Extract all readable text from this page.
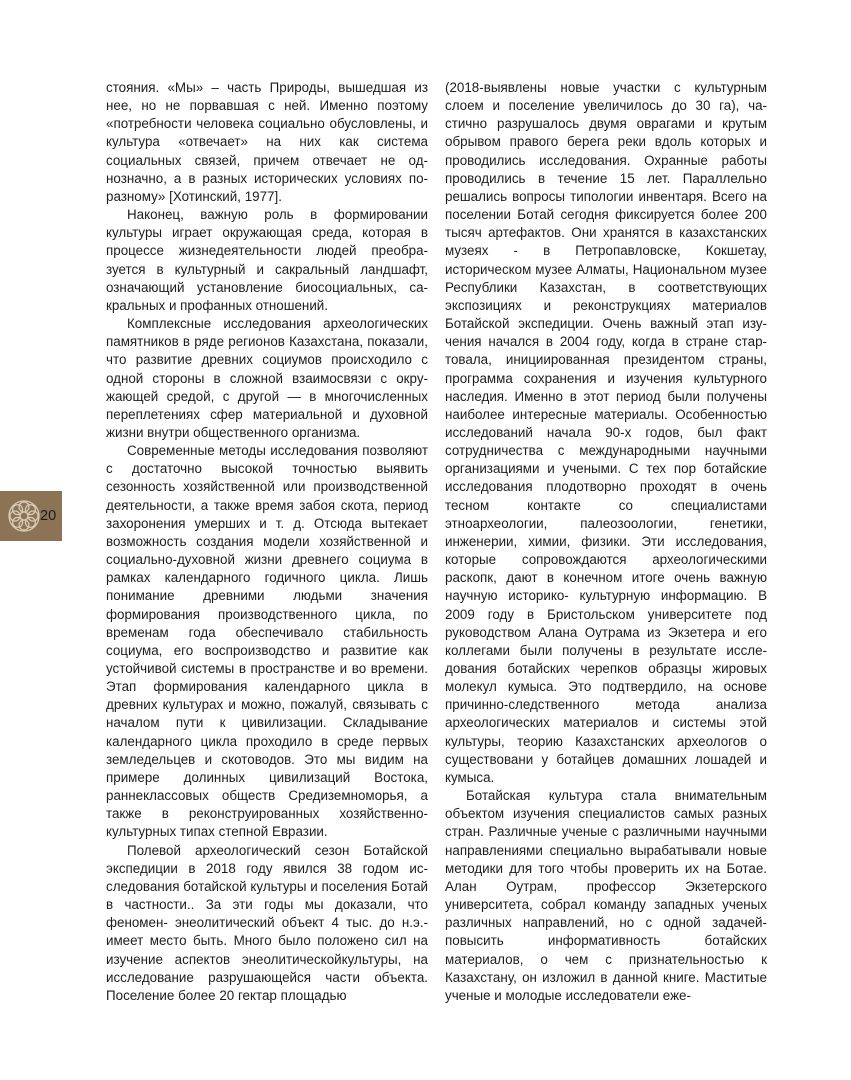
20

стояния. «Мы» – часть Природы, вышедшая из нее, но не порвавшая с ней. Именно поэтому «потребности человека социально обусловлены, и культура «отвечает» на них как система социальных связей, причем отвечает не однозначно, а в разных исторических условиях по-разному» [Хотинский, 1977].

Наконец, важную роль в формировании культуры играет окружающая среда, которая в процессе жизнедеятельности людей преобразуется в культурный и сакральный ландшафт, означающий установление биосоциальных, сакральных и профанных отношений.

Комплексные исследования археологических памятников в ряде регионов Казахстана, показали, что развитие древних социумов происходило с одной стороны в сложной взаимосвязи с окружающей средой, с другой — в многочисленных переплетениях сфер материальной и духовной жизни внутри общественного организма.

Современные методы исследования позволяют с достаточно высокой точностью выявить сезонность хозяйственной или производственной деятельности, а также время забоя скота, период захоронения умерших и т. д. Отсюда вытекает возможность создания модели хозяйственной и социально-духовной жизни древнего социума в рамках календарного годичного цикла. Лишь понимание древними людьми значения формирования производственного цикла, по временам года обеспечивало стабильность социума, его воспроизводство и развитие как устойчивой системы в пространстве и во времени. Этап формирования календарного цикла в древних культурах и можно, пожалуй, связывать с началом пути к цивилизации. Складывание календарного цикла проходило в среде первых земледельцев и скотоводов. Это мы видим на примере долинных цивилизаций Востока, раннеклассовых обществ Средиземноморья, а также в реконструированных хозяйственно-культурных типах степной Евразии.

Полевой археологический сезон Ботайской экспедиции в 2018 году явился 38 годом исследования ботайской культуры и поселения Ботай в частности.. За эти годы мы доказали, что феномен- энеолитический объект 4 тыс. до н.э.- имеет место быть. Много было положено сил на изучение аспектов энеолитическойкультуры, на исследование разрушающейся части объекта. Поселение более 20 гектар площадью

(2018-выявлены новые участки с культурным слоем и поселение увеличилось до 30 га), частично разрушалось двумя оврагами и крутым обрывом правого берега реки вдоль которых и проводились исследования. Охранные работы проводились в течение 15 лет. Параллельно решались вопросы типологии инвентаря. Всего на поселении Ботай сегодня фиксируется более 200 тысяч артефактов. Они хранятся в казахстанских музеях - в Петропавловске, Кокшетау, историческом музее Алматы, Национальном музее Республики Казахстан, в соответствующих экспозициях и реконструкциях материалов Ботайской экспедиции. Очень важный этап изучения начался в 2004 году, когда в стране стартовала, инициированная президентом страны, программа сохранения и изучения культурного наследия. Именно в этот период были получены наиболее интересные материалы. Особенностью исследований начала 90-х годов, был факт сотрудничества с международными научными организациями и учеными. С тех пор ботайские исследования плодотворно проходят в очень тесном контакте со специалистами этноархеологии, палеозоологии, генетики, инженерии, химии, физики. Эти исследования, которые сопровождаются археологическими раскопк, дают в конечном итоге очень важную научную историко- культурную информацию. В 2009 году в Бристольском университете под руководством Алана Оутрама из Экзетера и его коллегами были получены в результате исследования ботайских черепков образцы жировых молекул кумыса. Это подтвердило, на основе причинно-следственного метода анализа археологических материалов и системы этой культуры, теорию Казахстанских археологов о существовани у ботайцев домашних лошадей и кумыса.

Ботайская культура стала внимательным объектом изучения специалистов самых разных стран. Различные ученые с различными научными направлениями специально вырабатывали новые методики для того чтобы проверить их на Ботае. Алан Оутрам, профессор Экзетерского университета, собрал команду западных ученых различных направлений, но с одной задачей-повысить информативность ботайских материалов, о чем с признательностью к Казахстану, он изложил в данной книге. Маститые ученые и молодые исследователи еже-
